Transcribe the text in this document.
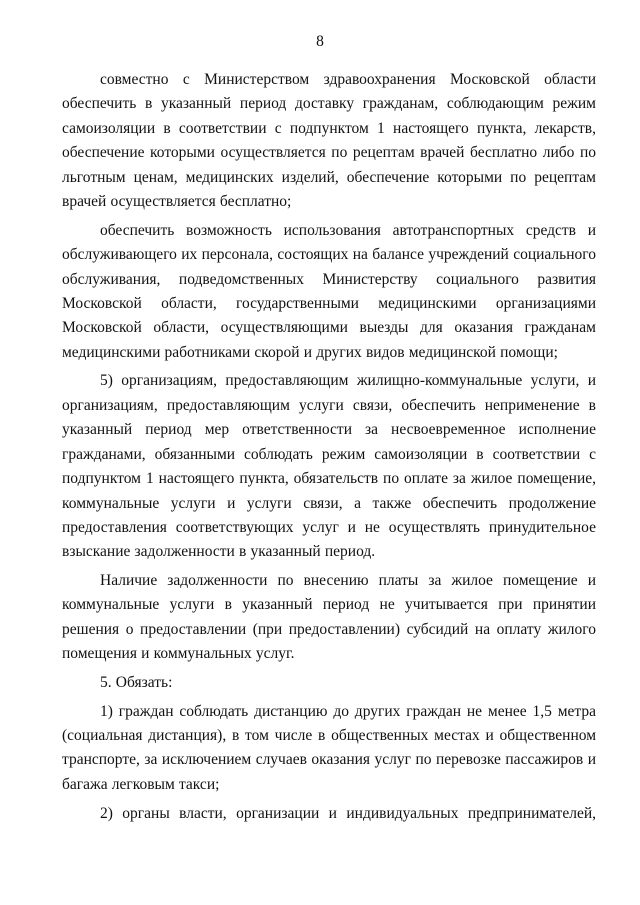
8

совместно с Министерством здравоохранения Московской области обеспечить в указанный период доставку гражданам, соблюдающим режим самоизоляции в соответствии с подпунктом 1 настоящего пункта, лекарств, обеспечение которыми осуществляется по рецептам врачей бесплатно либо по льготным ценам, медицинских изделий, обеспечение которыми по рецептам врачей осуществляется бесплатно;

обеспечить возможность использования автотранспортных средств и обслуживающего их персонала, состоящих на балансе учреждений социального обслуживания, подведомственных Министерству социального развития Московской области, государственными медицинскими организациями Московской области, осуществляющими выезды для оказания гражданам медицинскими работниками скорой и других видов медицинской помощи;

5) организациям, предоставляющим жилищно-коммунальные услуги, и организациям, предоставляющим услуги связи, обеспечить неприменение в указанный период мер ответственности за несвоевременное исполнение гражданами, обязанными соблюдать режим самоизоляции в соответствии с подпунктом 1 настоящего пункта, обязательств по оплате за жилое помещение, коммунальные услуги и услуги связи, а также обеспечить продолжение предоставления соответствующих услуг и не осуществлять принудительное взыскание задолженности в указанный период.

Наличие задолженности по внесению платы за жилое помещение и коммунальные услуги в указанный период не учитывается при принятии решения о предоставлении (при предоставлении) субсидий на оплату жилого помещения и коммунальных услуг.

5. Обязать:

1) граждан соблюдать дистанцию до других граждан не менее 1,5 метра (социальная дистанция), в том числе в общественных местах и общественном транспорте, за исключением случаев оказания услуг по перевозке пассажиров и багажа легковым такси;

2) органы власти, организации и индивидуальных предпринимателей,
